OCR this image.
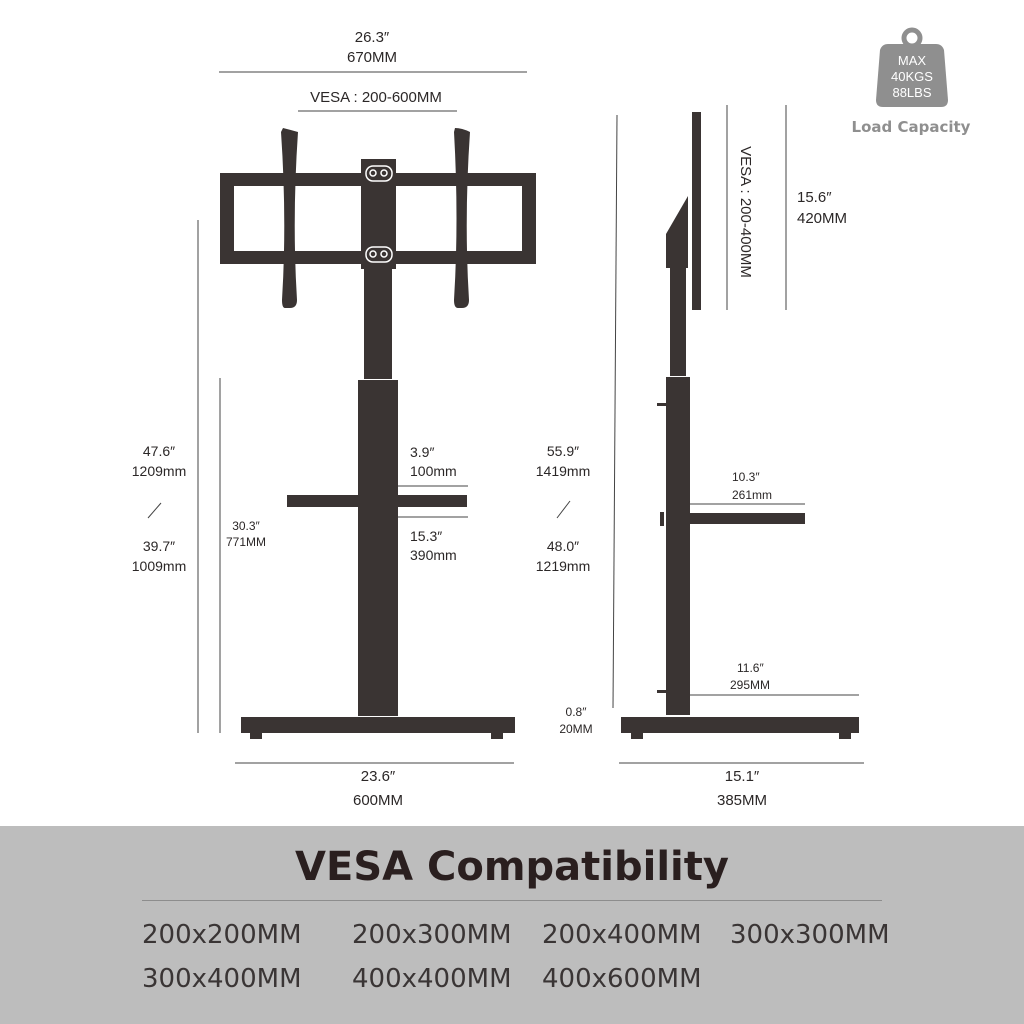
MAX
40KGS
88LBS
Load Capacity
26.3″
670MM
VESA : 200-600MM
47.6″
1209mm
39.7″
1009mm
30.3″
771MM
3.9″
100mm
15.3″
390mm
23.6″
600MM
VESA : 200-400MM	15.6″
420MM
55.9″
1419mm
48.0″
1219mm
10.3″
261mm
11.6″
295MM
0.8″
20MM
15.1″
385MM
VESA Compatibility
200x200MM 200x300MM 200x400MM 300x300MM
300x400MM 400x400MM 400x600MM
